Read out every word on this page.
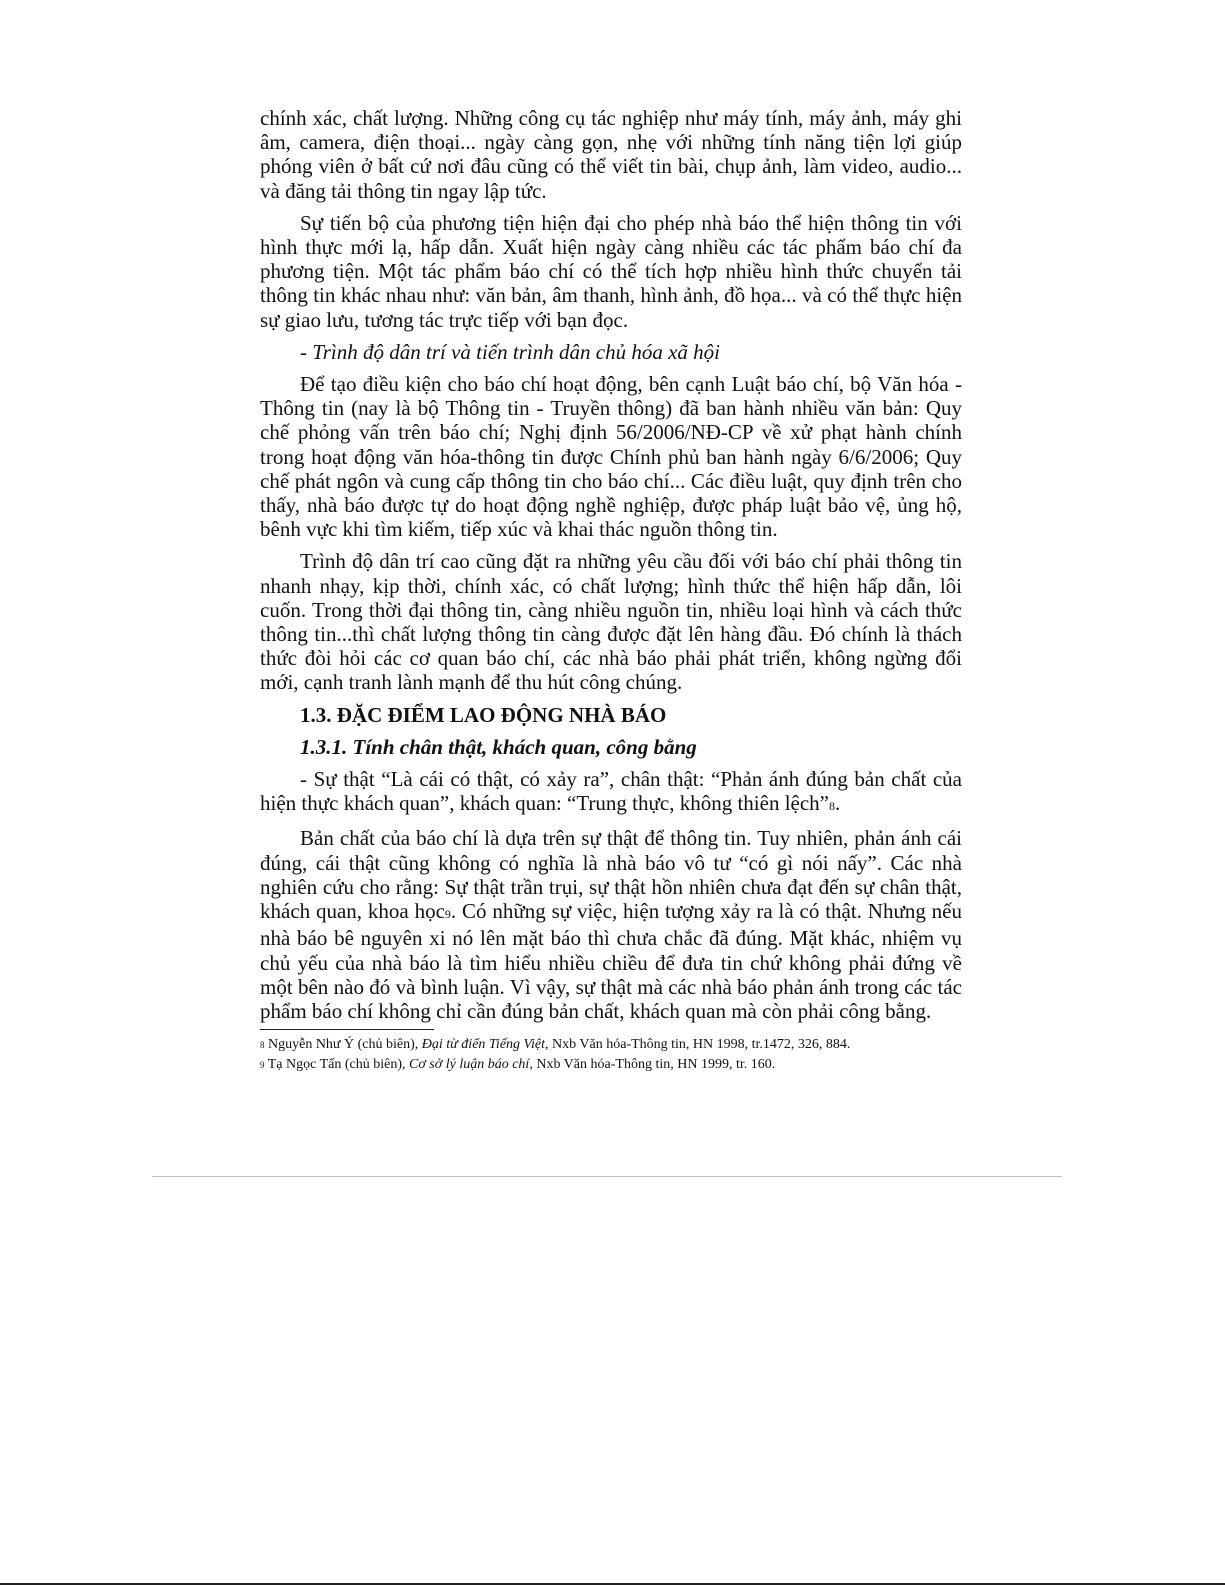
chính xác, chất lượng. Những công cụ tác nghiệp như máy tính, máy ảnh, máy ghi âm, camera, điện thoại... ngày càng gọn, nhẹ với những tính năng tiện lợi giúp phóng viên ở bất cứ nơi đâu cũng có thể viết tin bài, chụp ảnh, làm video, audio... và đăng tải thông tin ngay lập tức.

Sự tiến bộ của phương tiện hiện đại cho phép nhà báo thể hiện thông tin với hình thực mới lạ, hấp dẫn. Xuất hiện ngày càng nhiều các tác phẩm báo chí đa phương tiện. Một tác phẩm báo chí có thể tích hợp nhiều hình thức chuyển tải thông tin khác nhau như: văn bản, âm thanh, hình ảnh, đồ họa... và có thể thực hiện sự giao lưu, tương tác trực tiếp với bạn đọc.

- Trình độ dân trí và tiến trình dân chủ hóa xã hội

Để tạo điều kiện cho báo chí hoạt động, bên cạnh Luật báo chí, bộ Văn hóa - Thông tin (nay là bộ Thông tin - Truyền thông) đã ban hành nhiều văn bản: Quy chế phỏng vấn trên báo chí; Nghị định 56/2006/NĐ-CP về xử phạt hành chính trong hoạt động văn hóa-thông tin được Chính phủ ban hành ngày 6/6/2006; Quy chế phát ngôn và cung cấp thông tin cho báo chí... Các điều luật, quy định trên cho thấy, nhà báo được tự do hoạt động nghề nghiệp, được pháp luật bảo vệ, ủng hộ, bênh vực khi tìm kiếm, tiếp xúc và khai thác nguồn thông tin.

Trình độ dân trí cao cũng đặt ra những yêu cầu đối với báo chí phải thông tin nhanh nhạy, kịp thời, chính xác, có chất lượng; hình thức thể hiện hấp dẫn, lôi cuốn. Trong thời đại thông tin, càng nhiều nguồn tin, nhiều loại hình và cách thức thông tin...thì chất lượng thông tin càng được đặt lên hàng đầu. Đó chính là thách thức đòi hỏi các cơ quan báo chí, các nhà báo phải phát triển, không ngừng đổi mới, cạnh tranh lành mạnh để thu hút công chúng.

1.3. ĐẶC ĐIỂM LAO ĐỘNG NHÀ BÁO

1.3.1. Tính chân thật, khách quan, công bằng

- Sự thật “Là cái có thật, có xảy ra”, chân thật: “Phản ánh đúng bản chất của hiện thực khách quan”, khách quan: “Trung thực, không thiên lệch”8.

Bản chất của báo chí là dựa trên sự thật để thông tin. Tuy nhiên, phản ánh cái đúng, cái thật cũng không có nghĩa là nhà báo vô tư “có gì nói nấy”. Các nhà nghiên cứu cho rằng: Sự thật trần trụi, sự thật hồn nhiên chưa đạt đến sự chân thật, khách quan, khoa học9. Có những sự việc, hiện tượng xảy ra là có thật. Nhưng nếu nhà báo bê nguyên xi nó lên mặt báo thì chưa chắc đã đúng. Mặt khác, nhiệm vụ chủ yếu của nhà báo là tìm hiểu nhiều chiều để đưa tin chứ không phải đứng về một bên nào đó và bình luận. Vì vậy, sự thật mà các nhà báo phản ánh trong các tác phẩm báo chí không chỉ cần đúng bản chất, khách quan mà còn phải công bằng.

8 Nguyễn Như Ý (chủ biên), Đại từ điển Tiếng Việt, Nxb Văn hóa-Thông tin, HN 1998, tr.1472, 326, 884.

9 Tạ Ngọc Tấn (chủ biên), Cơ sở lý luận báo chí, Nxb Văn hóa-Thông tin, HN 1999, tr. 160.
